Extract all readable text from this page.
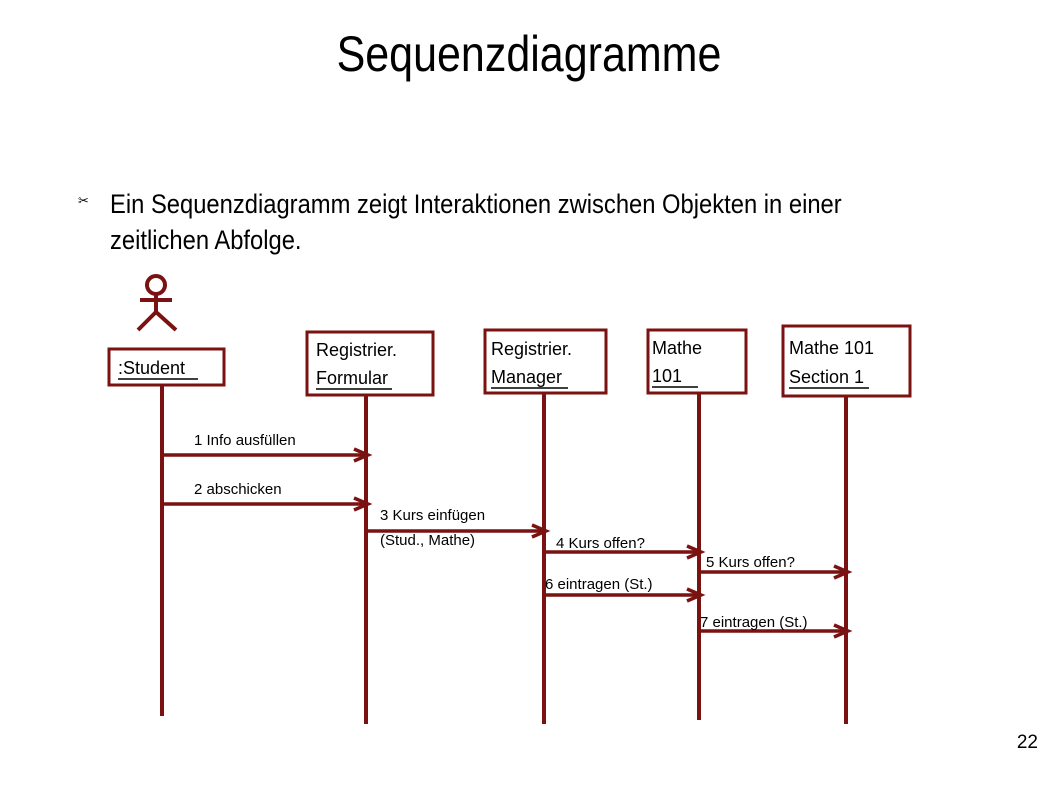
Sequenzdiagramme
✂ Ein Sequenzdiagramm zeigt Interaktionen zwischen Objekten in einer zeitlichen Abfolge.
:Student
Registrier.
Formular
Registrier.
Manager
Mathe
101
Mathe 101
Section 1
1 Info ausfüllen
2 abschicken
3 Kurs einfügen
(Stud., Mathe)	4 Kurs offen?
5 Kurs offen?
6 eintragen (St.)
7 eintragen (St.)
22
